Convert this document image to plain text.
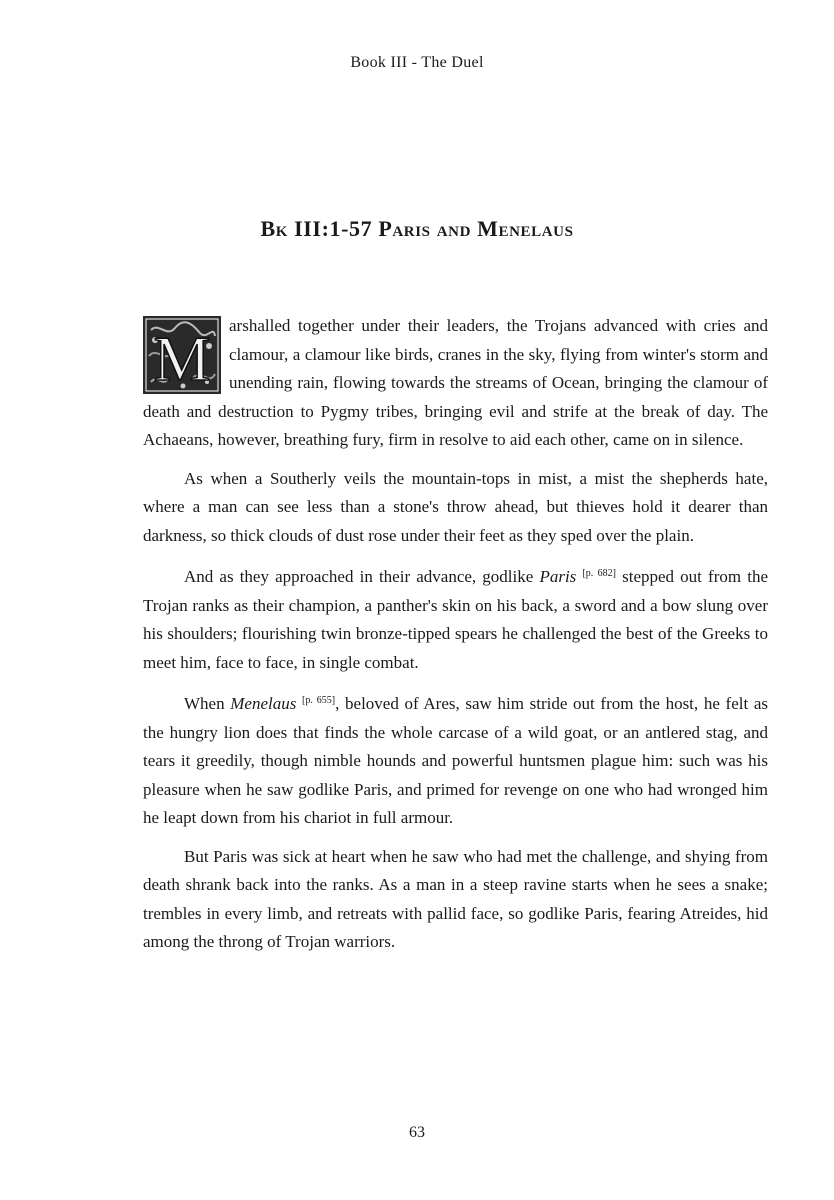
Book III - The Duel
Bk III:1-57 Paris and Menelaus

M arshalled together under their leaders, the Trojans advanced with cries and clamour, a clamour like birds, cranes in the sky, flying from winter's storm and unending rain, flowing towards the streams of Ocean, bringing the clamour of death and destruction to Pygmy tribes, bringing evil and strife at the break of day. The Achaeans, however, breathing fury, firm in resolve to aid each other, came on in silence.

As when a Southerly veils the mountain-tops in mist, a mist the shepherds hate, where a man can see less than a stone's throw ahead, but thieves hold it dearer than darkness, so thick clouds of dust rose under their feet as they sped over the plain.

And as they approached in their advance, godlike Paris [p. 682] stepped out from the Trojan ranks as their champion, a panther's skin on his back, a sword and a bow slung over his shoulders; flourishing twin bronze-tipped spears he challenged the best of the Greeks to meet him, face to face, in single combat.

When Menelaus [p. 655], beloved of Ares, saw him stride out from the host, he felt as the hungry lion does that finds the whole carcase of a wild goat, or an antlered stag, and tears it greedily, though nimble hounds and powerful huntsmen plague him: such was his pleasure when he saw godlike Paris, and primed for revenge on one who had wronged him he leapt down from his chariot in full armour.

But Paris was sick at heart when he saw who had met the challenge, and shying from death shrank back into the ranks. As a man in a steep ravine starts when he sees a snake; trembles in every limb, and retreats with pallid face, so godlike Paris, fearing Atreides, hid among the throng of Trojan warriors.

63
